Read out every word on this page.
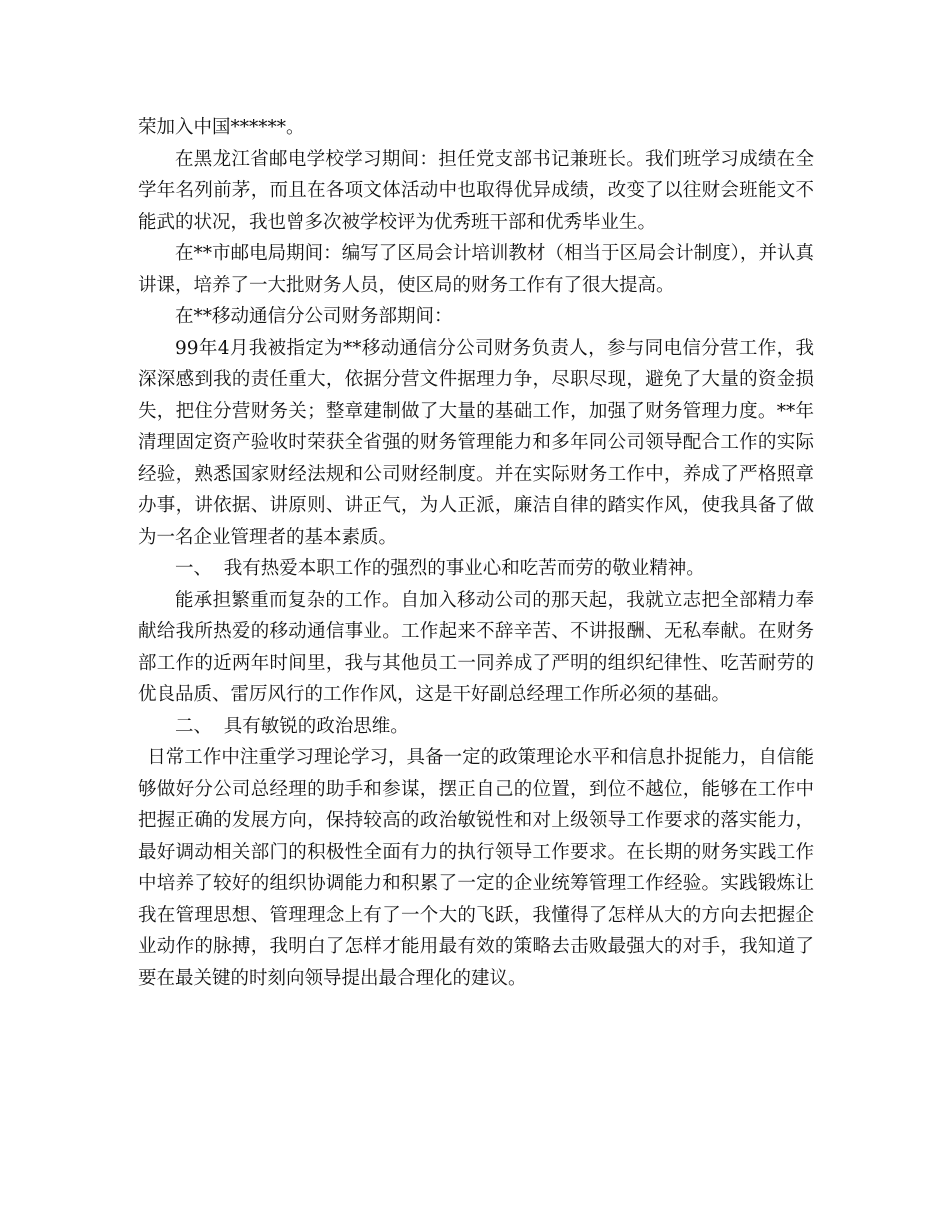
荣加入中国******。

在黑龙江省邮电学校学习期间：担任党支部书记兼班长。我们班学习成绩在全学年名列前茅，而且在各项文体活动中也取得优异成绩，改变了以往财会班能文不能武的状况，我也曾多次被学校评为优秀班干部和优秀毕业生。

在**市邮电局期间：编写了区局会计培训教材（相当于区局会计制度），并认真讲课，培养了一大批财务人员，使区局的财务工作有了很大提高。

在**移动通信分公司财务部期间：

99年4月我被指定为**移动通信分公司财务负责人，参与同电信分营工作，我深深感到我的责任重大，依据分营文件据理力争，尽职尽现，避免了大量的资金损失，把住分营财务关；整章建制做了大量的基础工作，加强了财务管理力度。**年清理固定资产验收时荣获全省强的财务管理能力和多年同公司领导配合工作的实际经验，熟悉国家财经法规和公司财经制度。并在实际财务工作中，养成了严格照章办事，讲依据、讲原则、讲正气，为人正派，廉洁自律的踏实作风，使我具备了做为一名企业管理者的基本素质。

一、  我有热爱本职工作的强烈的事业心和吃苦而劳的敬业精神。

能承担繁重而复杂的工作。自加入移动公司的那天起，我就立志把全部精力奉献给我所热爱的移动通信事业。工作起来不辞辛苦、不讲报酬、无私奉献。在财务部工作的近两年时间里，我与其他员工一同养成了严明的组织纪律性、吃苦耐劳的优良品质、雷厉风行的工作作风，这是干好副总经理工作所必须的基础。

二、  具有敏锐的政治思维。

日常工作中注重学习理论学习，具备一定的政策理论水平和信息扑捉能力，自信能够做好分公司总经理的助手和参谋，摆正自己的位置，到位不越位，能够在工作中把握正确的发展方向，保持较高的政治敏锐性和对上级领导工作要求的落实能力，最好调动相关部门的积极性全面有力的执行领导工作要求。在长期的财务实践工作中培养了较好的组织协调能力和积累了一定的企业统筹管理工作经验。实践锻炼让我在管理思想、管理理念上有了一个大的飞跃，我懂得了怎样从大的方向去把握企业动作的脉搏，我明白了怎样才能用最有效的策略去击败最强大的对手，我知道了要在最关键的时刻向领导提出最合理化的建议。
